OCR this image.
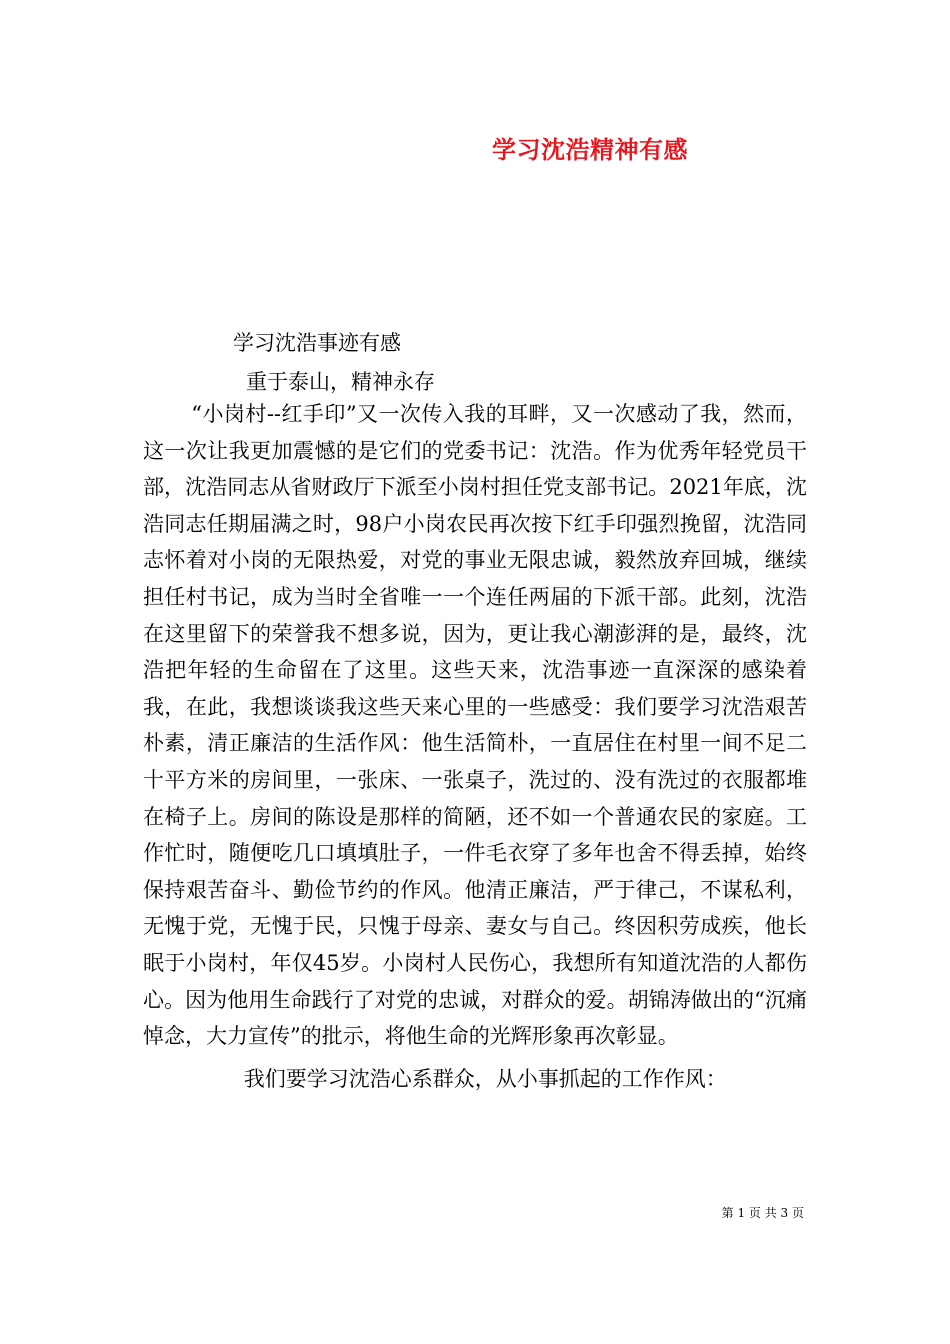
学习沈浩精神有感
学习沈浩事迹有感
重于泰山，精神永存

“小岗村--红手印”又一次传入我的耳畔，又一次感动了我，然而，这一次让我更加震憾的是它们的党委书记：沈浩。作为优秀年轻党员干部，沈浩同志从省财政厅下派至小岗村担任党支部书记。2021年底，沈浩同志任期届满之时，98户小岗农民再次按下红手印强烈挽留，沈浩同志怀着对小岗的无限热爱，对党的事业无限忠诚，毅然放弃回城，继续担任村书记，成为当时全省唯一一个连任两届的下派干部。此刻，沈浩在这里留下的荣誉我不想多说，因为，更让我心潮澎湃的是，最终，沈浩把年轻的生命留在了这里。这些天来，沈浩事迹一直深深的感染着我，在此，我想谈谈我这些天来心里的一些感受：我们要学习沈浩艰苦朴素，清正廉洁的生活作风：他生活简朴，一直居住在村里一间不足二十平方米的房间里，一张床、一张桌子，洗过的、没有洗过的衣服都堆在椅子上。房间的陈设是那样的简陋，还不如一个普通农民的家庭。工作忙时，随便吃几口填填肚子，一件毛衣穿了多年也舍不得丢掉，始终保持艰苦奋斗、勤俭节约的作风。他清正廉洁，严于律己，不谋私利，无愧于党，无愧于民，只愧于母亲、妻女与自己。终因积劳成疾，他长眠于小岗村，年仅45岁。小岗村人民伤心，我想所有知道沈浩的人都伤心。因为他用生命践行了对党的忠诚，对群众的爱。胡锦涛做出的“沉痛悼念，大力宣传”的批示，将他生命的光辉形象再次彰显。

我们要学习沈浩心系群众，从小事抓起的工作作风：

第 1 页 共 3 页
